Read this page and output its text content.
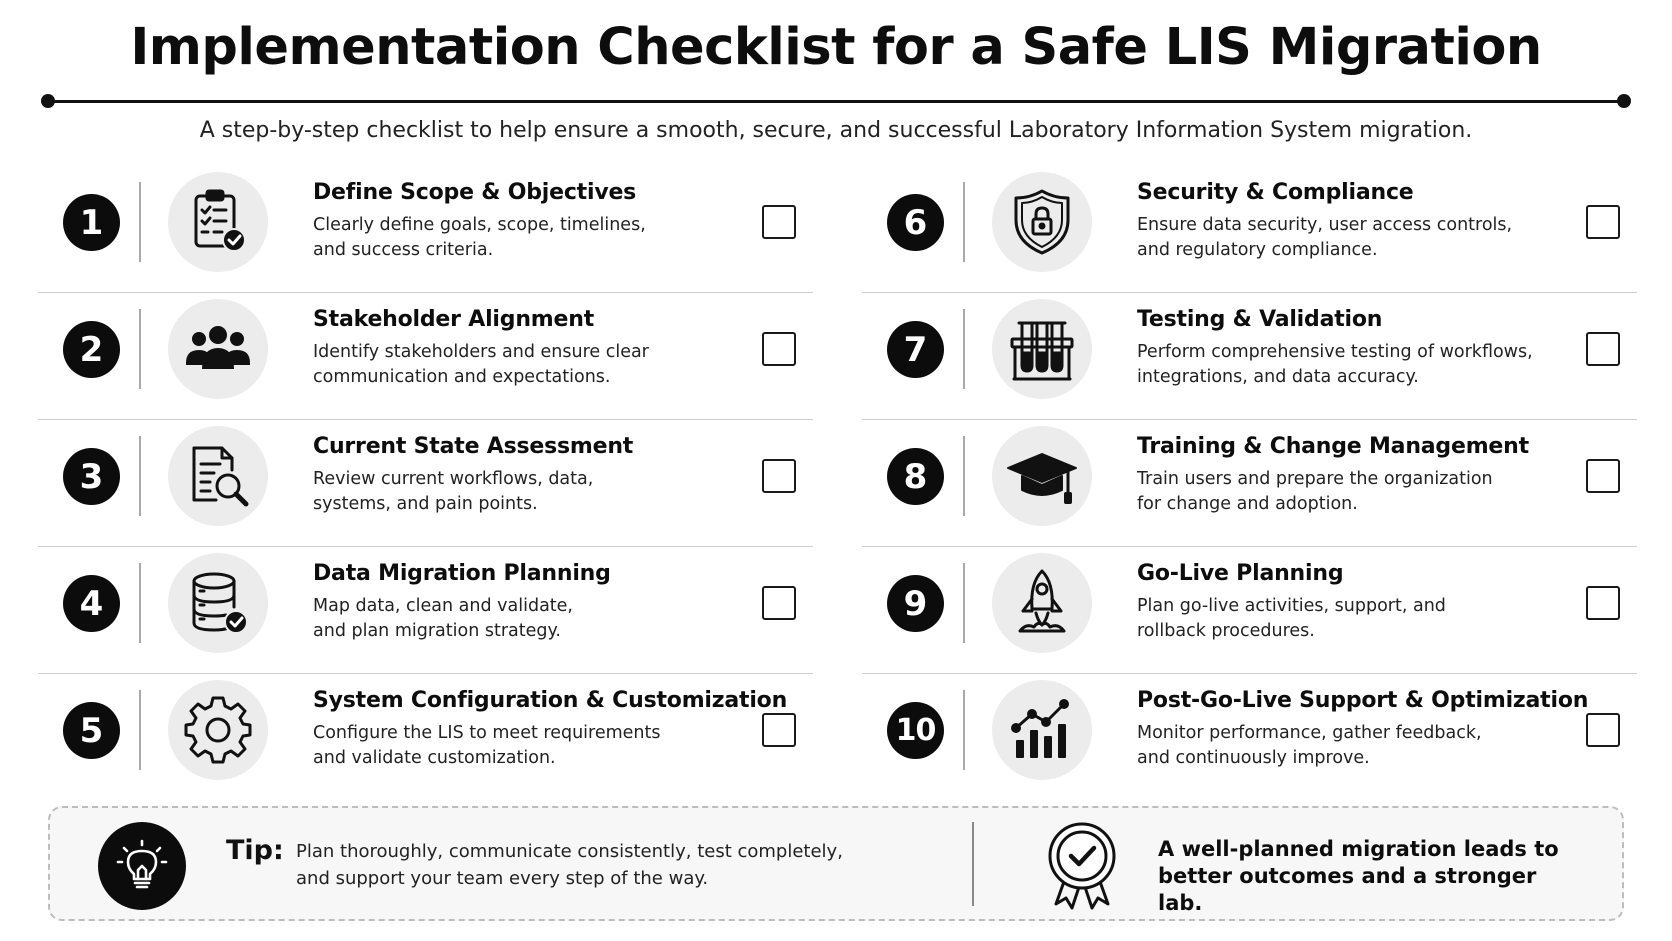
Implementation Checklist for a Safe LIS Migration
A step-by-step checklist to help ensure a smooth, secure, and successful Laboratory Information System migration.
1
Define Scope & Objectives
Clearly define goals, scope, timelines,
and success criteria.
2
Stakeholder Alignment
Identify stakeholders and ensure clear
communication and expectations.
3
Current State Assessment
Review current workflows, data,
systems, and pain points.
4
Data Migration Planning
Map data, clean and validate,
and plan migration strategy.
5
System Configuration & Customization
Configure the LIS to meet requirements
and validate customization.
6
Security & Compliance
Ensure data security, user access controls,
and regulatory compliance.
7
Testing & Validation
Perform comprehensive testing of workflows,
integrations, and data accuracy.
8
Training & Change Management
Train users and prepare the organization
for change and adoption.
9
Go-Live Planning
Plan go-live activities, support, and
rollback procedures.
10
Post-Go-Live Support & Optimization
Monitor performance, gather feedback,
and continuously improve.
Tip: Plan thoroughly, communicate consistently, test completely,
and support your team every step of the way.
A well-planned migration leads to
better outcomes and a stronger lab.
